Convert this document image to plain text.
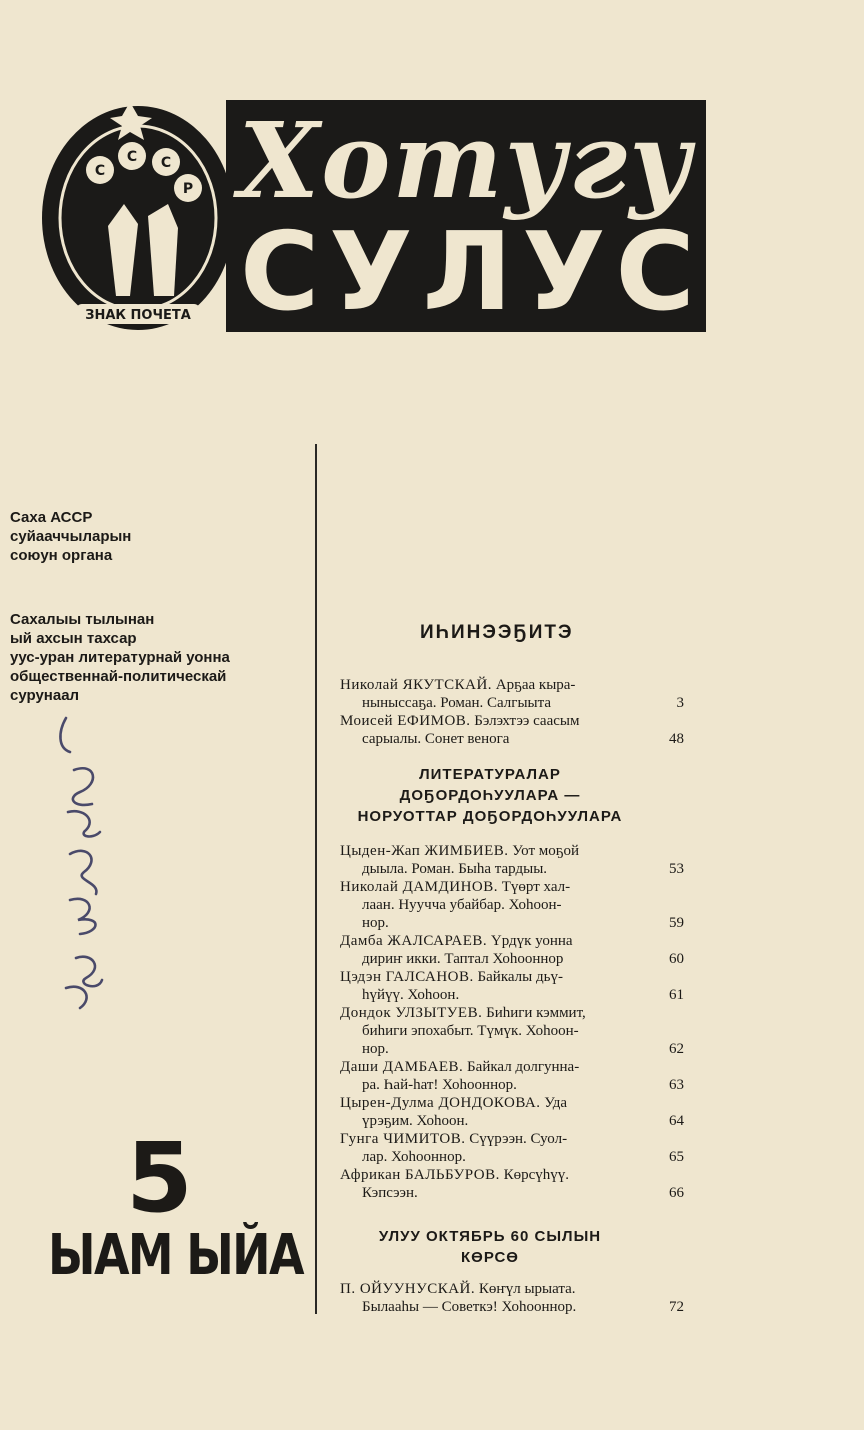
С
С С
Р
ЗНАК ПОЧЕТА
Хотугу
СУЛУС
Саха АССР
суйааччыларын
союун органа
Сахалыы тылынан
ый ахсын тахсар
уус-уран литературнай уонна
общественнай-политическай
сурунаал
5
ЫАМ ЫЙА
ИҺИНЭЭҔИТЭ
Николай ЯКУТСКАЙ.
Арҕаа кыра-
ныныссаҕа. Роман. Салгыыта	3
Моисей ЕФИМОВ.
Бэлэхтээ саасым
сарыалы. Сонет венога	48
ЛИТЕРАТУРАЛАР
ДОҔОРДОҺУУЛАРА —
НОРУОТТАР ДОҔОРДОҺУУЛАРА
Цыден-Жап ЖИМБИЕВ.
Уот моҕой
дыыла. Роман. Быһа тардыы.	53
Николай ДАМДИНОВ.
Түөрт хал-
лаан. Нууччa убайбар. Хоһоон-
нор.	59
Дамба ЖАЛСАРАЕВ.
Үрдүк уонна
дириҥ икки. Таптал Хоһооннор	60
Цэдэн ГАЛСАНОВ.
Байкалы дьү-
һүйүү. Хоһоон.	61
Дондок УЛЗЫТУЕВ.
Биһиги кэммит,
биһиги эпохабыт. Түмүк. Хоһоон-
нор.	62
Даши ДАМБАЕВ.
Байкал долгунна-
ра. Һай-һат! Хоһооннор.	63
Цырен-Дулма ДОНДОКОВА.
Уда
үрэҕим. Хоһоон.	64
Гунга ЧИМИТОВ.
Сүүрээн. Суол-
лар. Хоһооннор.	65
Африкан БАЛЬБУРОВ.
Көрсүһүү.
Кэпсээн.	66
УЛУУ ОКТЯБРЬ 60 СЫЛЫН
КӨРСӨ
П. ОЙУУНУСКАЙ.
Көҥүл ырыата.
Былааһы — Советкэ! Хоһооннор.	72
